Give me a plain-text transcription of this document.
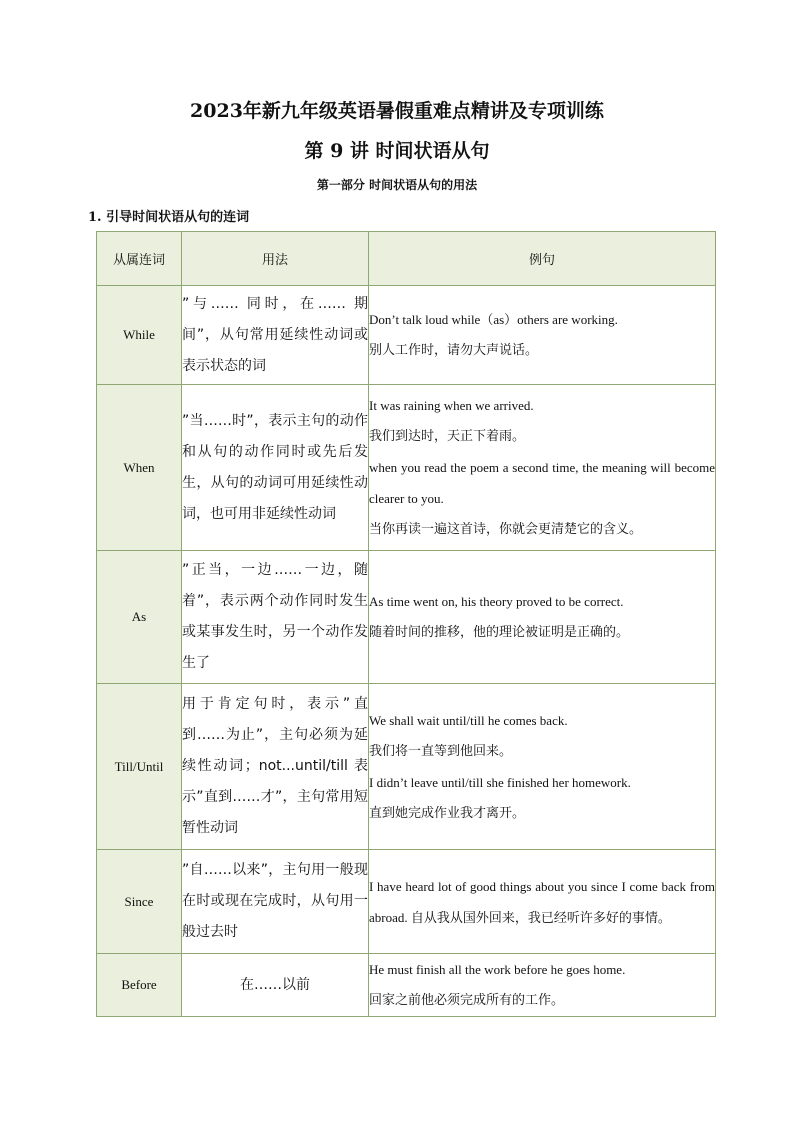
2023年新九年级英语暑假重难点精讲及专项训练
第 9 讲 时间状语从句
第一部分 时间状语从句的用法
1. 引导时间状语从句的连词
从属连词	用法	例句
While	”与…… 同时，在…… 期间”，从句常用延续性动词或表示状态的词	Don’t talk loud while（as）others are working.
别人工作时，请勿大声说话。

When	”当……时”，表示主句的动作和从句的动作同时或先后发生，从句的动词可用延续性动词，也可用非延续性动词	It was raining when we arrived.
我们到达时，天正下着雨。
when you read the poem a second time, the meaning will become clearer to you.
当你再读一遍这首诗，你就会更清楚它的含义。

As	”正当，一边……一边，随着”，表示两个动作同时发生或某事发生时，另一个动作发生了	As time went on, his theory proved to be correct.
随着时间的推移，他的理论被证明是正确的。

Till/Until	用于肯定句时，表示”直到……为止”，主句必须为延续性动词；not...until/till 表示”直到……才”，主句常用短暂性动词	We shall wait until/till he comes back.
我们将一直等到他回来。
I didn’t leave until/till she finished her homework.
直到她完成作业我才离开。

Since	”自……以来”，主句用一般现在时或现在完成时，从句用一般过去时	I have heard lot of good things about you since I come back from abroad. 自从我从国外回来，我已经听许多好的事情。

Before	在……以前	He must finish all the work before he goes home.
回家之前他必须完成所有的工作。
